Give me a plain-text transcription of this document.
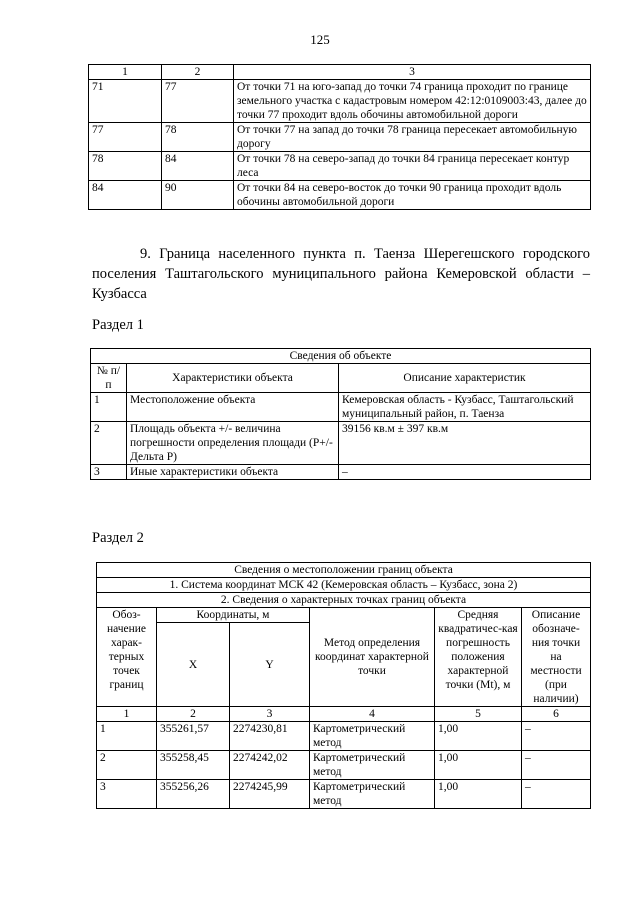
125
1	2	3
71	77	От точки 71 на юго-запад до точки 74 граница проходит по границе земельного участка с кадастровым номером 42:12:0109003:43, далее до точки 77 проходит вдоль обочины автомобильной дороги
77	78	От точки 77 на запад до точки 78 граница пересекает автомобильную дорогу
78	84	От точки 78 на северо-запад до точки 84 граница пересекает контур леса
84	90	От точки 84 на северо-восток до точки 90 граница проходит вдоль обочины автомобильной дороги
9. Граница населенного пункта п. Таенза Шерегешского городского поселения Таштагольского муниципального района Кемеровской области – Кузбасса
Раздел 1
Сведения об объекте		
№ п/п	Характеристики объекта	Описание характеристик
1	Местоположение объекта	Кемеровская область - Кузбасс, Таштагольский муниципальный район, п. Таенза
2	Площадь объекта +/- величина погрешности определения площади (Р+/- Дельта Р)	39156 кв.м ± 397 кв.м
3	Иные характеристики объекта	–
Раздел 2
Сведения о местоположении границ объекта					
1. Система координат МСК 42 (Кемеровская область – Кузбасс, зона 2)					
2. Сведения о характерных точках границ объекта					
Обоз-начение харак-терных точек границ	Координаты, м		Метод определения координат характерной точки	Средняя квадратичес-кая погрешность положения характерной точки (Mt), м	Описание обозначе-ния точки на местности (при наличии)
	X	Y			
1	2	3	4	5	6
1	355261,57	2274230,81	Картометрический метод	1,00	–
2	355258,45	2274242,02	Картометрический метод	1,00	–
3	355256,26	2274245,99	Картометрический метод	1,00	–
